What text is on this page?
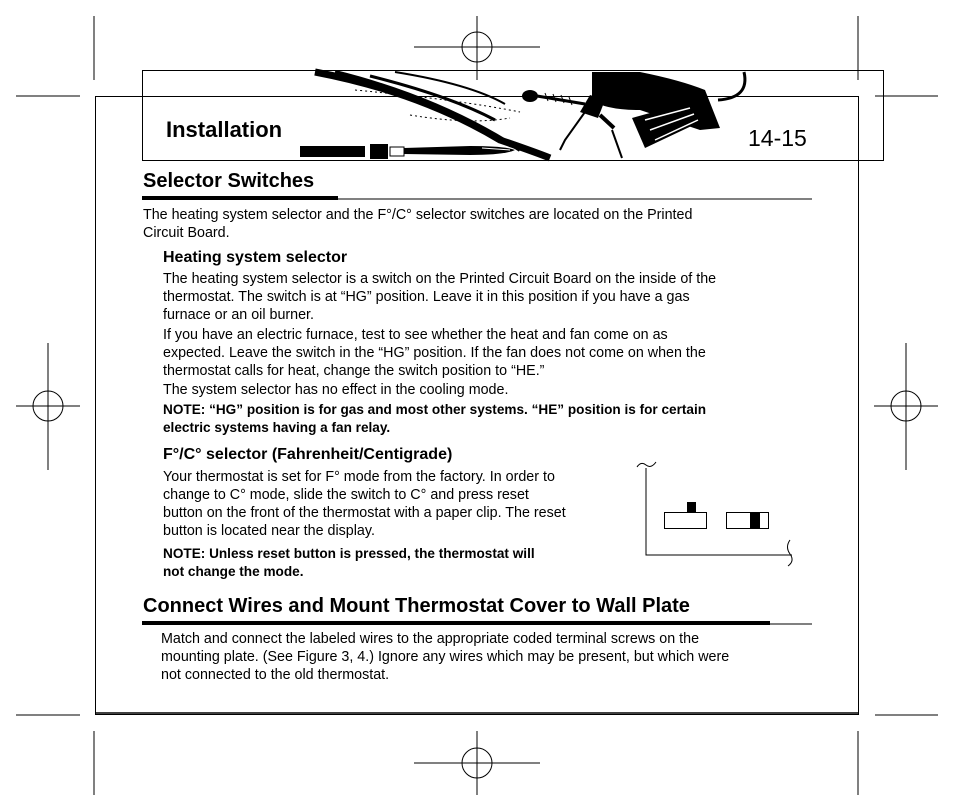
Installation	14-15
Selector Switches
The heating system selector and the F°/C° selector switches are located on the Printed
Circuit Board.
Heating system selector
The heating system selector is a switch on the Printed Circuit Board on the inside of the
thermostat. The switch is at “HG” position. Leave it in this position if you have a gas
furnace or an oil burner.
If you have an electric furnace, test to see whether the heat and fan come on as
expected. Leave the switch in the “HG” position. If the fan does not come on when the
thermostat calls for heat, change the switch position to “HE.”
The system selector has no effect in the cooling mode.
NOTE: “HG” position is for gas and most other systems. “HE” position is for certain
electric systems having a fan relay.
F°/C° selector (Fahrenheit/Centigrade)
Your thermostat is set for F° mode from the factory. In order to
change to C° mode, slide the switch to C° and press reset
button on the front of the thermostat with a paper clip. The reset
button is located near the display.
NOTE: Unless reset button is pressed, the thermostat will
not change the mode.
Connect Wires and Mount Thermostat Cover to Wall Plate
Match and connect the labeled wires to the appropriate coded terminal screws on the
mounting plate. (See Figure 3, 4.) Ignore any wires which may be present, but which were
not connected to the old thermostat.
